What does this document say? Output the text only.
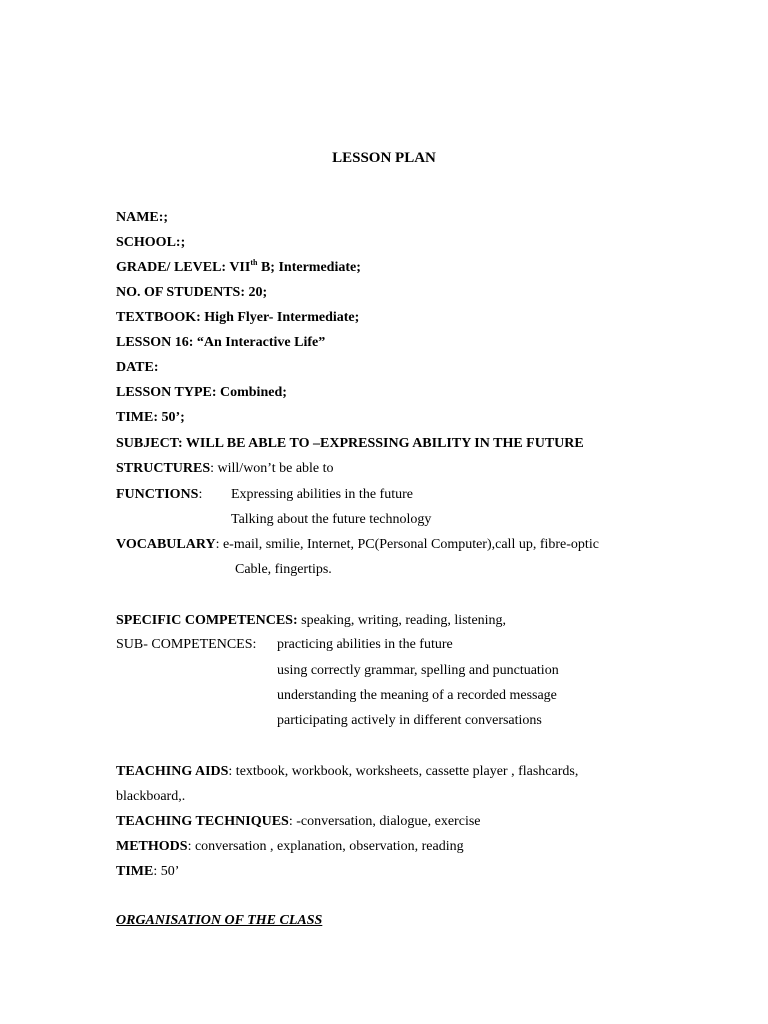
LESSON PLAN
NAME:;
SCHOOL:;
GRADE/ LEVEL: VIIth B; Intermediate;
NO. OF STUDENTS: 20;
TEXTBOOK: High Flyer- Intermediate;
LESSON 16: “An Interactive Life”
DATE:
LESSON TYPE: Combined;
TIME: 50’;
SUBJECT: WILL BE ABLE TO –EXPRESSING ABILITY IN THE FUTURE
STRUCTURES: will/won’t be able to
FUNCTIONS: Expressing abilities in the future
Talking about the future technology
VOCABULARY: e-mail, smilie, Internet, PC(Personal Computer),call up, fibre-optic
Cable, fingertips.
SPECIFIC COMPETENCES: speaking, writing, reading, listening,
SUB- COMPETENCES: practicing abilities in the future
using correctly grammar, spelling and punctuation
understanding the meaning of a recorded message
participating actively in different conversations
TEACHING AIDS: textbook, workbook, worksheets, cassette player , flashcards,
blackboard,.
TEACHING TECHNIQUES: -conversation, dialogue, exercise
METHODS: conversation , explanation, observation, reading
TIME: 50’
ORGANISATION OF THE CLASS
